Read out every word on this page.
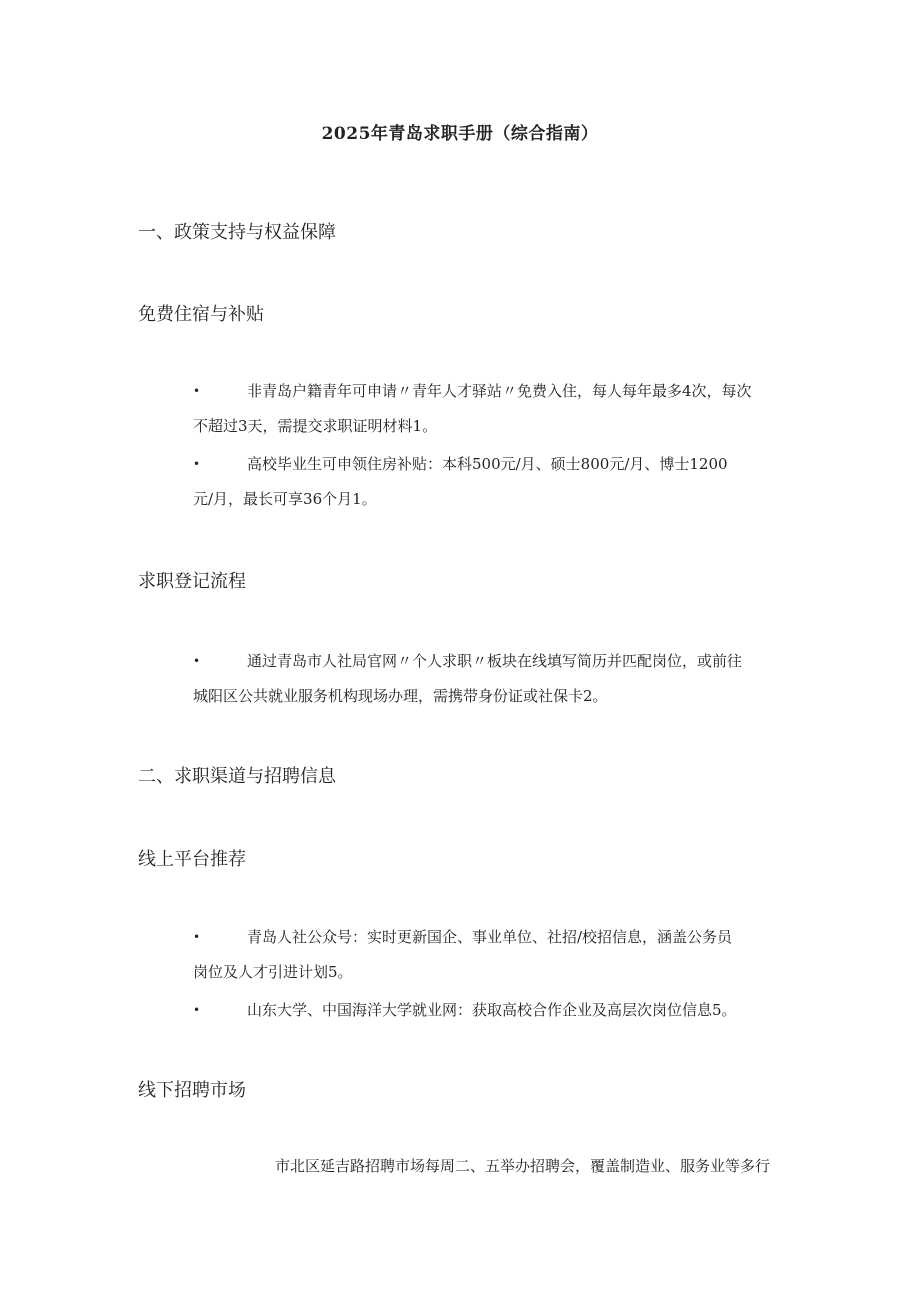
2025年青岛求职手册（综合指南）
一、政策支持与权益保障
免费住宿与补贴
•	非青岛户籍青年可申请〃青年人才驿站〃免费入住，每人每年最多4次，每次不超过3天，需提交求职证明材料1。

•	高校毕业生可申领住房补贴：本科500元/月、硕士800元/月、博士1200元/月，最长可享36个月1。

求职登记流程
•	通过青岛市人社局官网〃个人求职〃板块在线填写简历并匹配岗位，或前往城阳区公共就业服务机构现场办理，需携带身份证或社保卡2。

二、求职渠道与招聘信息
线上平台推荐
•	青岛人社公众号：实时更新国企、事业单位、社招/校招信息，涵盖公务员岗位及人才引进计划5。

•	山东大学、中国海洋大学就业网：获取高校合作企业及高层次岗位信息5。

线下招聘市场
市北区延吉路招聘市场每周二、五举办招聘会，覆盖制造业、服务业等多行
